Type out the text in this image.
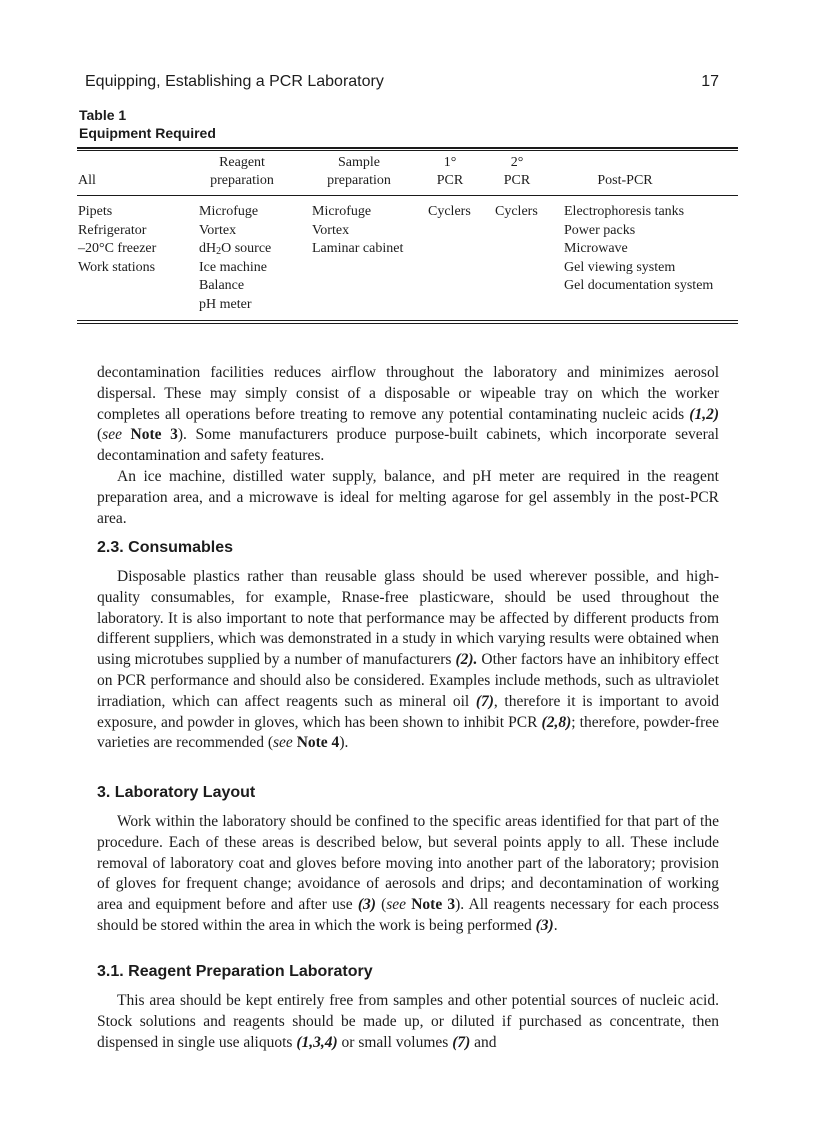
Equipping, Establishing a PCR Laboratory	17
Table 1
Equipment Required
All
Reagent
preparation
Sample
preparation
1°
PCR
2°
PCR	Post-PCR
Pipets
Refrigerator
–20°C freezer
Work stations
Microfuge
Vortex
$dH_2O$ source
Ice machine
Balance
pH meter
Microfuge
Vortex
Laminar cabinet
Cyclers Cyclers Electrophoresis tanks
Power packs
Microwave
Gel viewing system
Gel documentation system

decontamination facilities reduces airflow throughout the laboratory and minimizes aerosol dispersal. These may simply consist of a disposable or wipeable tray on which the worker completes all operations before treating to remove any potential contaminating nucleic acids (1,2) (see Note 3). Some manufacturers produce purpose-built cabinets, which incorporate several decontamination and safety features.

An ice machine, distilled water supply, balance, and pH meter are required in the reagent preparation area, and a microwave is ideal for melting agarose for gel assembly in the post-PCR area.

2.3. Consumables

Disposable plastics rather than reusable glass should be used wherever possible, and high-quality consumables, for example, Rnase-free plasticware, should be used throughout the laboratory. It is also important to note that performance may be affected by different products from different suppliers, which was demonstrated in a study in which varying results were obtained when using microtubes supplied by a number of manufacturers (2). Other factors have an inhibitory effect on PCR performance and should also be considered. Examples include methods, such as ultraviolet irradiation, which can affect reagents such as mineral oil (7), therefore it is important to avoid exposure, and powder in gloves, which has been shown to inhibit PCR (2,8); therefore, powder-free varieties are recommended (see Note 4).

3. Laboratory Layout

Work within the laboratory should be confined to the specific areas identified for that part of the procedure. Each of these areas is described below, but several points apply to all. These include removal of laboratory coat and gloves before moving into another part of the laboratory; provision of gloves for frequent change; avoidance of aerosols and drips; and decontamination of working area and equipment before and after use (3) (see Note 3). All reagents necessary for each process should be stored within the area in which the work is being performed (3).

3.1. Reagent Preparation Laboratory

This area should be kept entirely free from samples and other potential sources of nucleic acid. Stock solutions and reagents should be made up, or diluted if purchased as concentrate, then dispensed in single use aliquots (1,3,4) or small volumes (7) and
